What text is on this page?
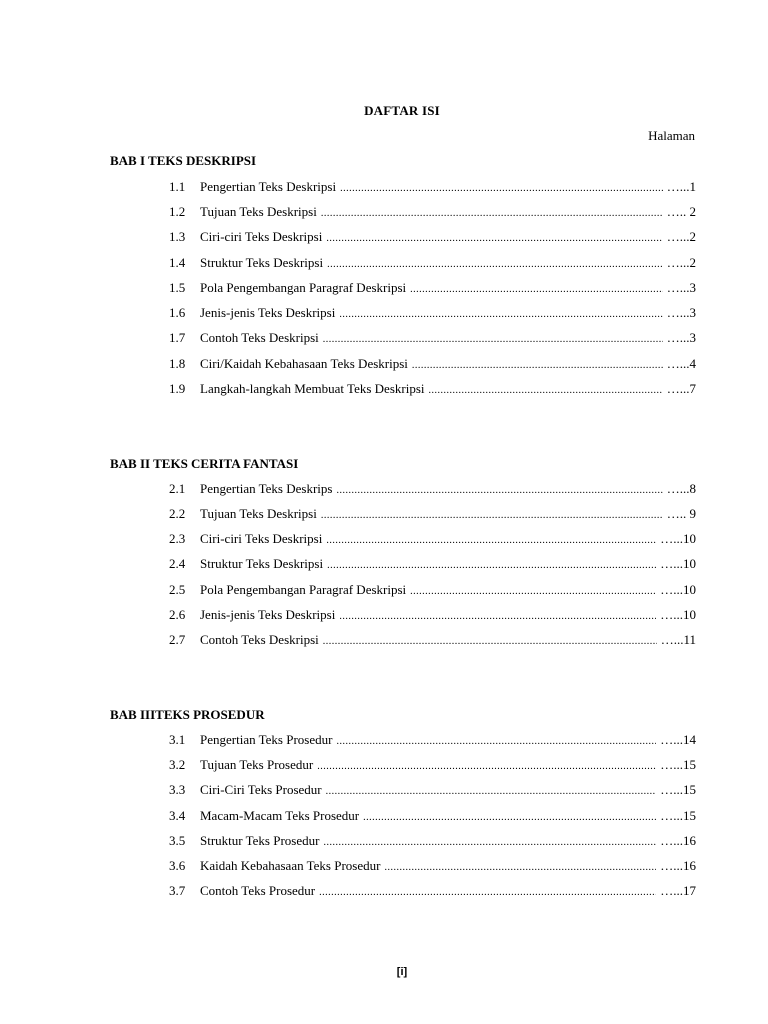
DAFTAR ISI
Halaman
BAB I TEKS DESKRIPSI
1.1	Pengertian Teks Deskripsi .....	…...1
1.2	Tujuan Teks Deskripsi .....	….. 2
1.3	Ciri-ciri Teks Deskripsi .....	…...2
1.4	Struktur Teks Deskripsi .....	…...2
1.5	Pola Pengembangan Paragraf Deskripsi .....	…...3
1.6	Jenis-jenis Teks Deskripsi .....	…...3
1.7	Contoh Teks Deskripsi .....	…...3
1.8	Ciri/Kaidah Kebahasaan Teks Deskripsi .....	…...4
1.9	Langkah-langkah Membuat Teks Deskripsi .....	…...7
BAB II TEKS CERITA FANTASI
2.1	Pengertian Teks Deskrips .....	…...8
2.2	Tujuan Teks Deskripsi .....	….. 9
2.3	Ciri-ciri Teks Deskripsi .....	…...10
2.4	Struktur Teks Deskripsi .....	…...10
2.5	Pola Pengembangan Paragraf Deskripsi .....	…...10
2.6	Jenis-jenis Teks Deskripsi .....	…...10
2.7	Contoh Teks Deskripsi .....	…...11
BAB IIITEKS PROSEDUR
3.1	Pengertian Teks Prosedur .....	…...14
3.2	Tujuan Teks Prosedur .....	…...15
3.3	Ciri-Ciri Teks Prosedur .....	…...15
3.4	Macam-Macam Teks Prosedur .....	…...15
3.5	Struktur Teks Prosedur .....	…...16
3.6	Kaidah Kebahasaan Teks Prosedur .....	…...16
3.7	Contoh Teks Prosedur .....	…...17
[i]
